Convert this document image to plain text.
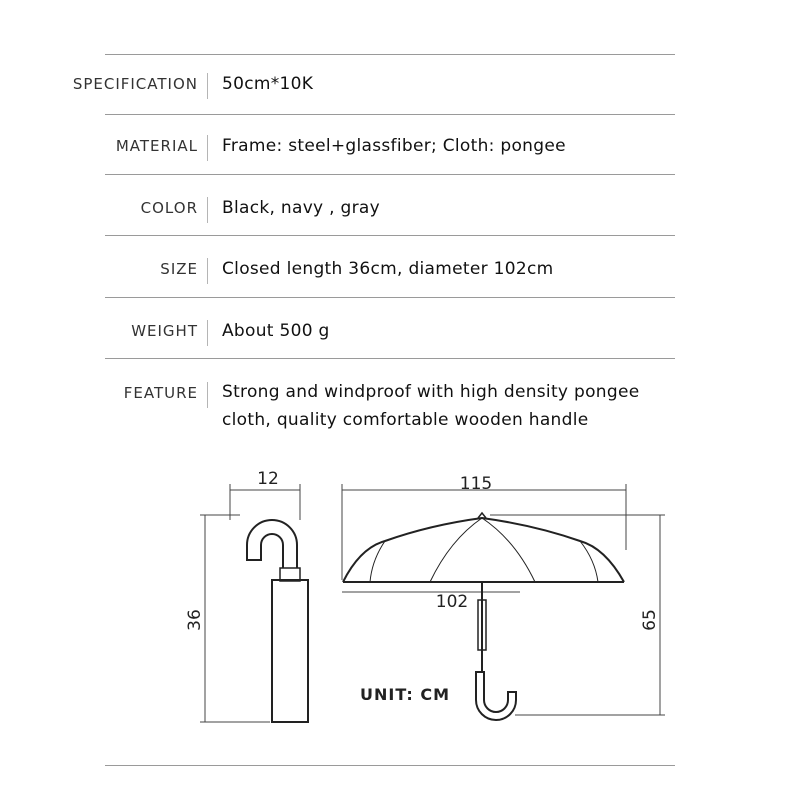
SPECIFICATION 50cm*10K
MATERIAL Frame: steel+glassfiber; Cloth: pongee
COLOR Black, navy , gray
SIZE Closed length 36cm, diameter 102cm
WEIGHT About 500 g
FEATURE Strong and windproof with high density pongee cloth, quality comfortable wooden handle
12
36
115
102
65
UNIT: CM
